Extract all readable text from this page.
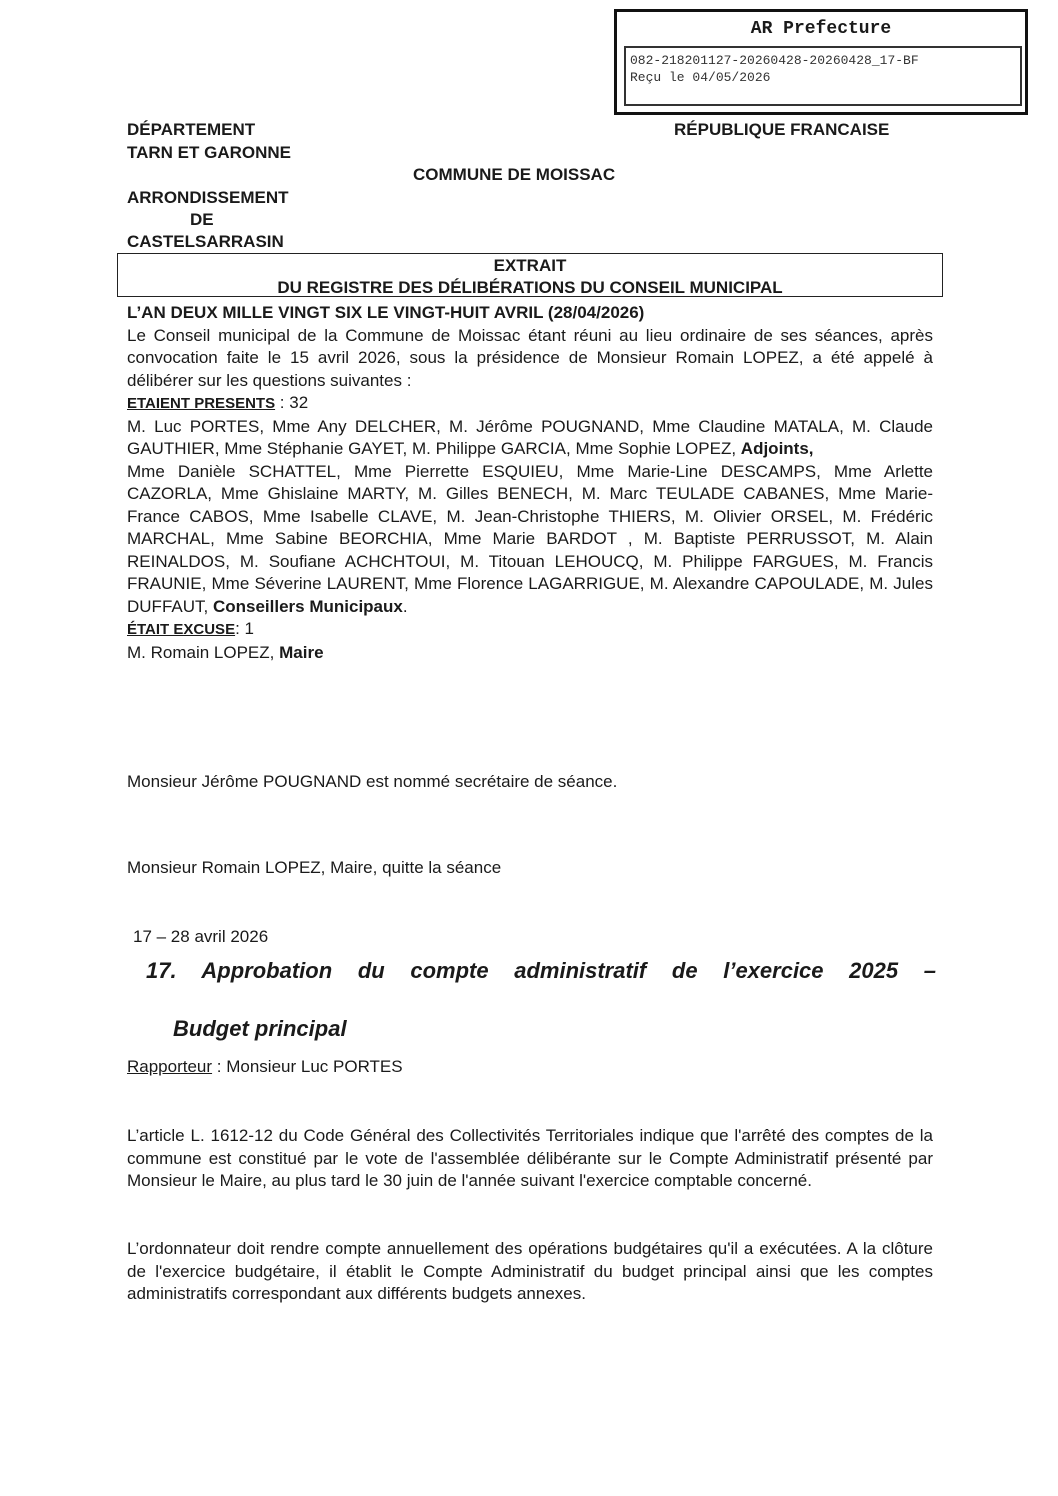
AR Prefecture
082-218201127-20260428-20260428_17-BF
Reçu le 04/05/2026
DÉPARTEMENT
TARN ET GARONNE
RÉPUBLIQUE FRANCAISE
COMMUNE DE MOISSAC
ARRONDISSEMENT
DE
CASTELSARRASIN
EXTRAIT
DU REGISTRE DES DÉLIBÉRATIONS DU CONSEIL MUNICIPAL

L’AN DEUX MILLE VINGT SIX LE VINGT-HUIT AVRIL (28/04/2026)

Le Conseil municipal de la Commune de Moissac étant réuni au lieu ordinaire de ses séances, après convocation faite le 15 avril 2026, sous la présidence de Monsieur Romain LOPEZ, a été appelé à délibérer sur les questions suivantes :

ETAIENT PRESENTS : 32

M. Luc PORTES, Mme Any DELCHER, M. Jérôme POUGNAND, Mme Claudine MATALA, M. Claude GAUTHIER, Mme Stéphanie GAYET, M. Philippe GARCIA, Mme Sophie LOPEZ, Adjoints,

Mme Danièle SCHATTEL, Mme Pierrette ESQUIEU, Mme Marie-Line DESCAMPS, Mme Arlette CAZORLA, Mme Ghislaine MARTY, M. Gilles BENECH, M. Marc TEULADE CABANES, Mme Marie-France CABOS, Mme Isabelle CLAVE, M. Jean-Christophe THIERS, M. Olivier ORSEL, M. Frédéric MARCHAL, Mme Sabine BEORCHIA, Mme Marie BARDOT , M. Baptiste PERRUSSOT, M. Alain REINALDOS, M. Soufiane ACHCHTOUI, M. Titouan LEHOUCQ, M. Philippe FARGUES, M. Francis FRAUNIE, Mme Séverine LAURENT, Mme Florence LAGARRIGUE, M. Alexandre CAPOULADE, M. Jules DUFFAUT, Conseillers Municipaux.

ÉTAIT EXCUSE: 1

M. Romain LOPEZ, Maire

Monsieur Jérôme POUGNAND est nommé secrétaire de séance.
Monsieur Romain LOPEZ, Maire, quitte la séance
17 – 28 avril 2026
17. Approbation du compte administratif de l’exercice 2025 –
Budget principal
Rapporteur : Monsieur Luc PORTES
L’article L. 1612-12 du Code Général des Collectivités Territoriales indique que l'arrêté des comptes de la commune est constitué par le vote de l'assemblée délibérante sur le Compte Administratif présenté par Monsieur le Maire, au plus tard le 30 juin de l'année suivant l'exercice comptable concerné.
L’ordonnateur doit rendre compte annuellement des opérations budgétaires qu'il a exécutées. A la clôture de l'exercice budgétaire, il établit le Compte Administratif du budget principal ainsi que les comptes administratifs correspondant aux différents budgets annexes.
